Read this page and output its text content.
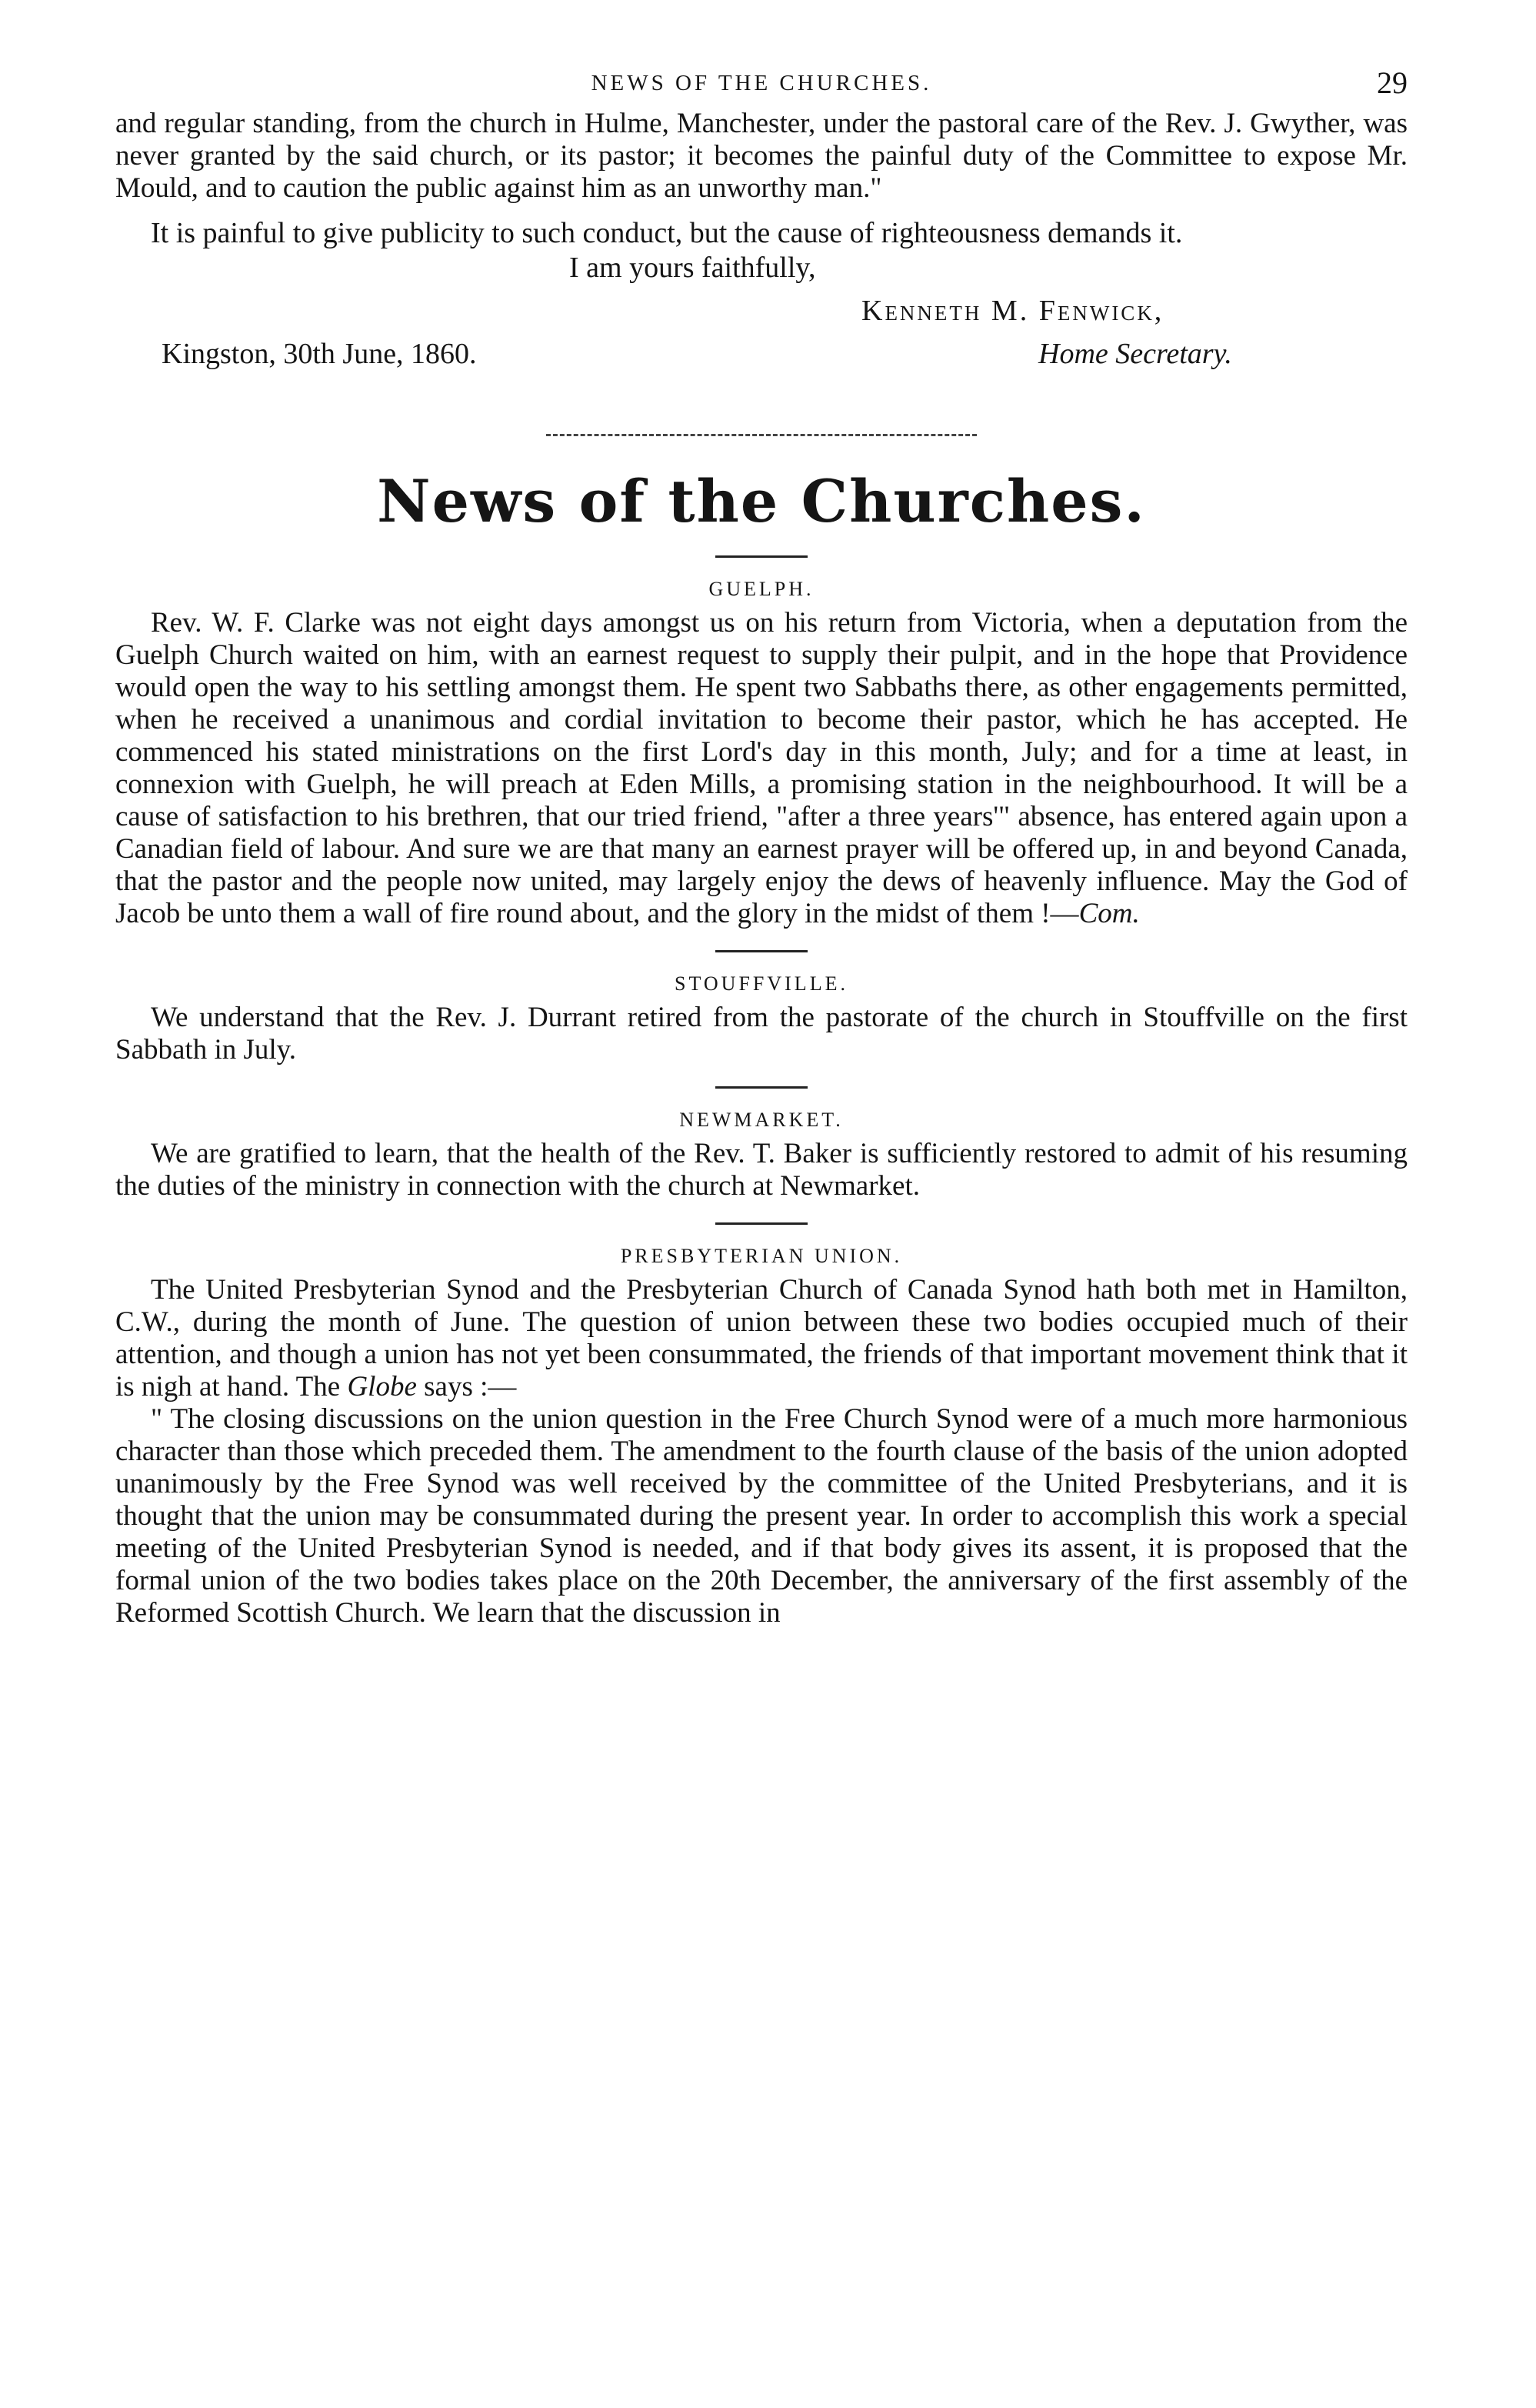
NEWS OF THE CHURCHES.	29

and regular standing, from the church in Hulme, Manchester, under the pastoral care of the Rev. J. Gwyther, was never granted by the said church, or its pastor; it becomes the painful duty of the Committee to expose Mr. Mould, and to caution the public against him as an unworthy man."

It is painful to give publicity to such conduct, but the cause of righteousness demands it.

I am yours faithfully,
Kenneth M. Fenwick,
Kingston, 30th June, 1860.	Home Secretary.
News of the Churches.
GUELPH.

Rev. W. F. Clarke was not eight days amongst us on his return from Victoria, when a deputation from the Guelph Church waited on him, with an earnest request to supply their pulpit, and in the hope that Providence would open the way to his settling amongst them. He spent two Sabbaths there, as other engagements permitted, when he received a unanimous and cordial invitation to become their pastor, which he has accepted. He commenced his stated ministrations on the first Lord's day in this month, July; and for a time at least, in connexion with Guelph, he will preach at Eden Mills, a promising station in the neighbourhood. It will be a cause of satisfaction to his brethren, that our tried friend, "after a three years'" absence, has entered again upon a Canadian field of labour. And sure we are that many an earnest prayer will be offered up, in and beyond Canada, that the pastor and the people now united, may largely enjoy the dews of heavenly influence. May the God of Jacob be unto them a wall of fire round about, and the glory in the midst of them !—Com.

STOUFFVILLE.

We understand that the Rev. J. Durrant retired from the pastorate of the church in Stouffville on the first Sabbath in July.

NEWMARKET.

We are gratified to learn, that the health of the Rev. T. Baker is sufficiently restored to admit of his resuming the duties of the ministry in connection with the church at Newmarket.

PRESBYTERIAN UNION.

The United Presbyterian Synod and the Presbyterian Church of Canada Synod hath both met in Hamilton, C.W., during the month of June. The question of union between these two bodies occupied much of their attention, and though a union has not yet been consummated, the friends of that important movement think that it is nigh at hand. The Globe says :—

" The closing discussions on the union question in the Free Church Synod were of a much more harmonious character than those which preceded them. The amendment to the fourth clause of the basis of the union adopted unanimously by the Free Synod was well received by the committee of the United Presbyterians, and it is thought that the union may be consummated during the present year. In order to accomplish this work a special meeting of the United Presbyterian Synod is needed, and if that body gives its assent, it is proposed that the formal union of the two bodies takes place on the 20th December, the anniversary of the first assembly of the Reformed Scottish Church. We learn that the discussion in
